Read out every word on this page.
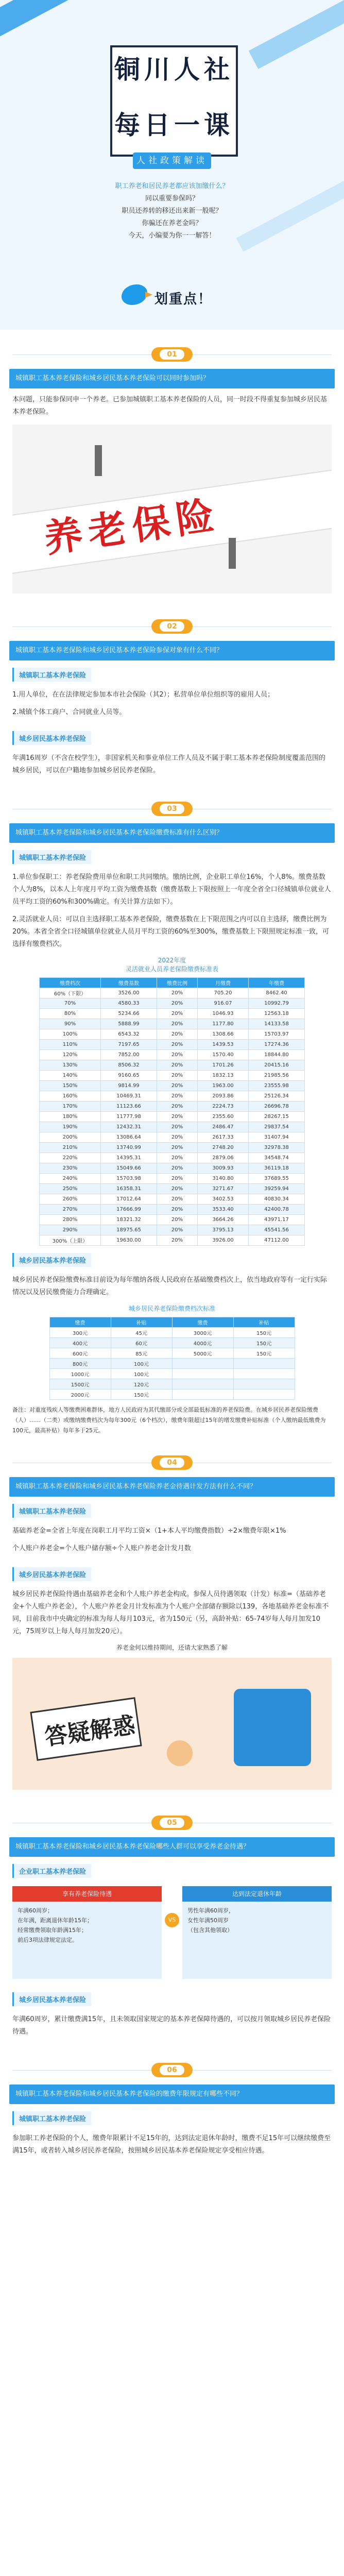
铜川人社
每日一课
人社政策解读
职工养老和居民养老都应该加缴什么？
同以重要参保吗？
职员还养转的移还出来新一般呢？
你骗还在养老金吗？
今天，小编要为你一一解答！
划重点！
01
城镇职工基本养老保险和城乡居民基本养老保险可以同时参加吗？

本问题，只能参保同申一个养老。已参加城镇职工基本养老保险的人员，同一时段不得重复参加城乡居民基本养老保险。

养老保险
02
城镇职工基本养老保险和城乡居民基本养老保险参保对象有什么不同？
城镇职工基本养老保险

1.用人单位，在在法律规定参加本市社会保险（其2）；私营单位单位组织等的雇用人员；

2.城镇个体工商户、合同就业人员等。

城乡居民基本养老保险

年满16周岁（不含在校学生），非国家机关和事业单位工作人员及不属于职工基本养老保险制度覆盖范围的城乡居民，可以在户籍地参加城乡居民养老保险。

03
城镇职工基本养老保险和城乡居民基本养老保险缴费标准有什么区别？
城镇职工基本养老保险

1.单位参保职工：养老保险费用单位和职工共同缴纳。缴纳比例，企业职工单位16%，个人8%。缴费基数个人为8%，以本人上年度月平均工资为缴费基数（缴费基数上下限按照上一年度全省全口径城镇单位就业人员平均工资的60%和300%确定。有关计算方法如下）。

2.灵活就业人员：可以自主选择职工基本养老保险，缴费基数在上下限范围之内可以自主选择，缴费比例为20%。本省全省全口径城镇单位就业人员月平均工资的60%至300%，缴费基数上下限照规定标准一致，可选择有缴费档次。

2022年度
灵活就业人员养老保险缴费标准表
缴费档次	缴费基数	缴费比例	月缴费	年缴费
60%（下限）	3526.00	20%	705.20	8462.40
70%	4580.33	20%	916.07	10992.79
80%	5234.66	20%	1046.93	12563.18
90%	5888.99	20%	1177.80	14133.58
100%	6543.32	20%	1308.66	15703.97
110%	7197.65	20%	1439.53	17274.36
120%	7852.00	20%	1570.40	18844.80
130%	8506.32	20%	1701.26	20415.16
140%	9160.65	20%	1832.13	21985.56
150%	9814.99	20%	1963.00	23555.98
160%	10469.31	20%	2093.86	25126.34
170%	11123.66	20%	2224.73	26696.78
180%	11777.98	20%	2355.60	28267.15
190%	12432.31	20%	2486.47	29837.54
200%	13086.64	20%	2617.33	31407.94
210%	13740.99	20%	2748.20	32978.38
220%	14395.31	20%	2879.06	34548.74
230%	15049.66	20%	3009.93	36119.18
240%	15703.98	20%	3140.80	37689.55
250%	16358.31	20%	3271.67	39259.94
260%	17012.64	20%	3402.53	40830.34
270%	17666.99	20%	3533.40	42400.78
280%	18321.32	20%	3664.26	43971.17
290%	18975.65	20%	3795.13	45541.56
300%（上限）	19630.00	20%	3926.00	47112.00
城乡居民基本养老保险

城乡居民养老保险缴费标准目前设为每年缴纳各级人民政府在基础缴费档次上，依当地政府等有一定行实际情况以及居民缴费能力合理确定。

城乡居民养老保险缴费档次标准
缴费	补贴	缴费	补贴
300元	45元	3000元	150元
400元	60元	4000元	150元
600元	85元	5000元	150元
800元	100元		
1000元	100元		
1500元	120元		
2000元	150元		
备注：对重度残疾人等缴费困难群体，地方人民政府为其代缴部分或全部最低标准的养老保险费。在城乡居民养老保险缴费（人）……（二类）或缴纳缴费档次为每年300元（6个档次），缴费年限超过15年的增发缴费补贴标准（个人缴纳最低缴费为100元，最高补贴）每年多于25元。
04
城镇职工基本养老保险和城乡居民基本养老保险养老金待遇计发方法有什么不同？
城镇职工基本养老保险

基础养老金=全省上年度在岗职工月平均工资×（1+本人平均缴费指数）÷2×缴费年限×1%

个人账户养老金=个人账户储存额÷个人账户养老金计发月数

城乡居民基本养老保险

城乡居民养老保险待遇由基础养老金和个人账户养老金构成。参保人员待遇领取（计发）标准=（基础养老金+个人账户养老金），个人账户养老金月计发标准为个人账户全部储存额除以139，各地基础养老金标准不同，目前我市中央确定的标准为每人每月103元，省为150元（另，高龄补贴：65-74岁每人每月加发10元，75周岁以上每人每月加发20元）。

养老金何以维持期间，还请大家熟悉了解
答疑解惑
05
城镇职工基本养老保险和城乡居民基本养老保险哪些人群可以享受养老金待遇？
企业职工基本养老保险
享有养老保险待遇
年满60周岁；
在年满，距离退休年龄15年；
经常缴费领取年龄满15年；
前后3项法律规定法定。
VS
达到法定退休年龄
男性年满60周岁，
女性年满50周岁
（包含其他领取）
城乡居民基本养老保险

年满60周岁，累计缴费满15年，且未领取国家规定的基本养老保障待遇的，可以按月领取城乡居民养老保险待遇。

06
城镇职工基本养老保险和城乡居民基本养老保险的缴费年限规定有哪些不同？
城镇职工基本养老保险

参加职工养老保险的个人，缴费年限累计不足15年的，达到法定退休年龄时，缴费不足15年可以继续缴费至满15年，或者转入城乡居民养老保险，按照城乡居民基本养老保险规定享受相应待遇。
